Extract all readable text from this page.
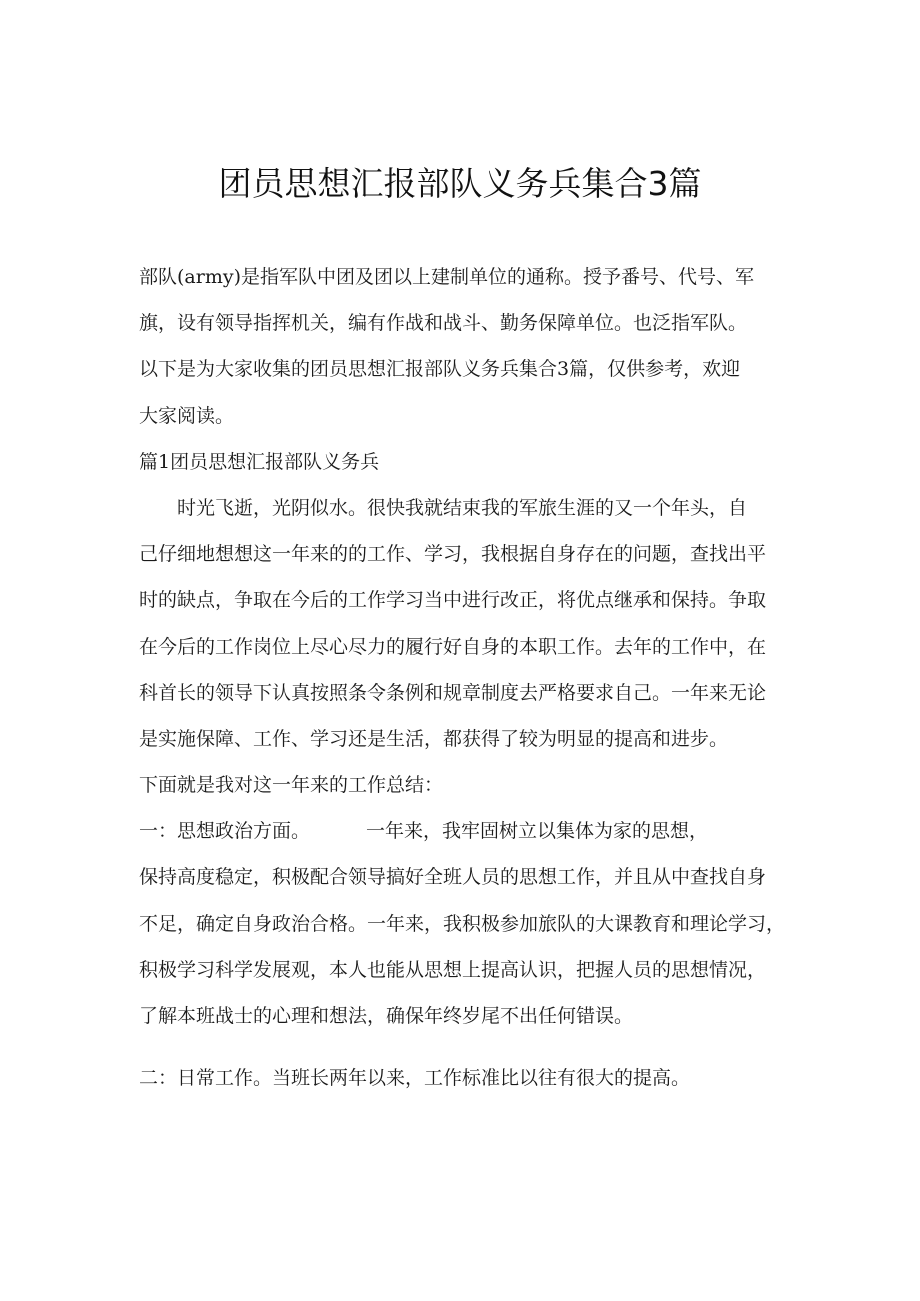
团员思想汇报部队义务兵集合3篇
部队(army)是指军队中团及团以上建制单位的通称。授予番号、代号、军
旗，设有领导指挥机关，编有作战和战斗、勤务保障单位。也泛指军队。
以下是为大家收集的团员思想汇报部队义务兵集合3篇，仅供参考，欢迎
大家阅读。
篇1团员思想汇报部队义务兵
时光飞逝，光阴似水。很快我就结束我的军旅生涯的又一个年头，自
己仔细地想想这一年来的的工作、学习，我根据自身存在的问题，查找出平
时的缺点，争取在今后的工作学习当中进行改正，将优点继承和保持。争取
在今后的工作岗位上尽心尽力的履行好自身的本职工作。去年的工作中，在
科首长的领导下认真按照条令条例和规章制度去严格要求自己。一年来无论
是实施保障、工作、学习还是生活，都获得了较为明显的提高和进步。
下面就是我对这一年来的工作总结：
一：思想政治方面。	一年来，我牢固树立以集体为家的思想，
保持高度稳定，积极配合领导搞好全班人员的思想工作，并且从中查找自身
不足，确定自身政治合格。一年来，我积极参加旅队的大课教育和理论学习，
积极学习科学发展观，本人也能从思想上提高认识，把握人员的思想情况，
了解本班战士的心理和想法，确保年终岁尾不出任何错误。
二：日常工作。当班长两年以来，工作标准比以往有很大的提高。
